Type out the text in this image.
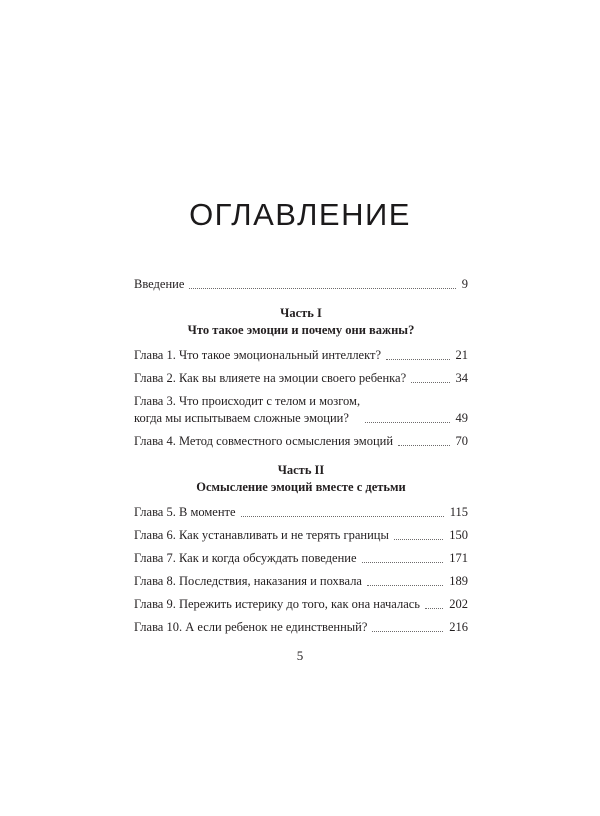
ОГЛАВЛЕНИЕ
Введение	9
Часть I
Что такое эмоции и почему они важны?
Глава 1. Что такое эмоциональный интеллект?	21
Глава 2. Как вы влияете на эмоции своего ребенка?	34
Глава 3. Что происходит с телом и мозгом,
когда мы испытываем сложные эмоции?	49
Глава 4. Метод совместного осмысления эмоций	70
Часть II
Осмысление эмоций вместе с детьми
Глава 5. В моменте	115
Глава 6. Как устанавливать и не терять границы	150
Глава 7. Как и когда обсуждать поведение	171
Глава 8. Последствия, наказания и похвала	189
Глава 9. Пережить истерику до того, как она началась 202
Глава 10. А если ребенок не единственный?	216
5
